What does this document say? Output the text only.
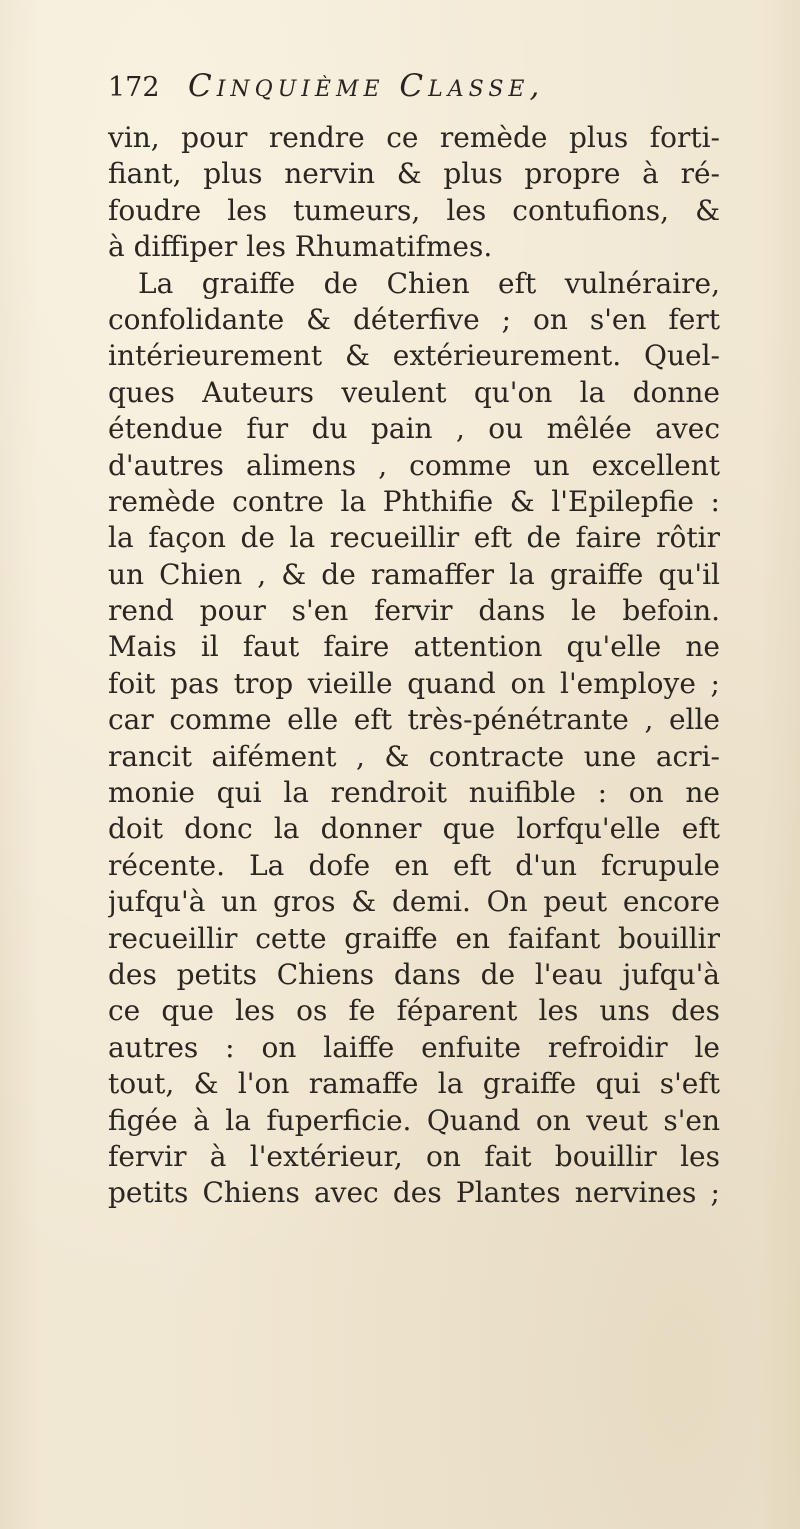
172 Cinquième Classe,
vin, pour rendre ce remède plus forti-
fiant, plus nervin & plus propre à ré-
foudre les tumeurs, les contufions, &
à diffiper les Rhumatifmes.
La graiffe de Chien eft vulnéraire,
confolidante & déterfive ; on s'en fert
intérieurement & extérieurement. Quel-
ques Auteurs veulent qu'on la donne
étendue fur du pain , ou mêlée avec
d'autres alimens , comme un excellent
remède contre la Phthifie & l'Epilepfie :
la façon de la recueillir eft de faire rôtir
un Chien , & de ramaffer la graiffe qu'il
rend pour s'en fervir dans le befoin.
Mais il faut faire attention qu'elle ne
foit pas trop vieille quand on l'employe ;
car comme elle eft très-pénétrante , elle
rancit aifément , & contracte une acri-
monie qui la rendroit nuifible : on ne
doit donc la donner que lorfqu'elle eft
récente. La dofe en eft d'un fcrupule
jufqu'à un gros & demi. On peut encore
recueillir cette graiffe en faifant bouillir
des petits Chiens dans de l'eau jufqu'à
ce que les os fe féparent les uns des
autres : on laiffe enfuite refroidir le
tout, & l'on ramaffe la graiffe qui s'eft
figée à la fuperficie. Quand on veut s'en
fervir à l'extérieur, on fait bouillir les
petits Chiens avec des Plantes nervines ;
